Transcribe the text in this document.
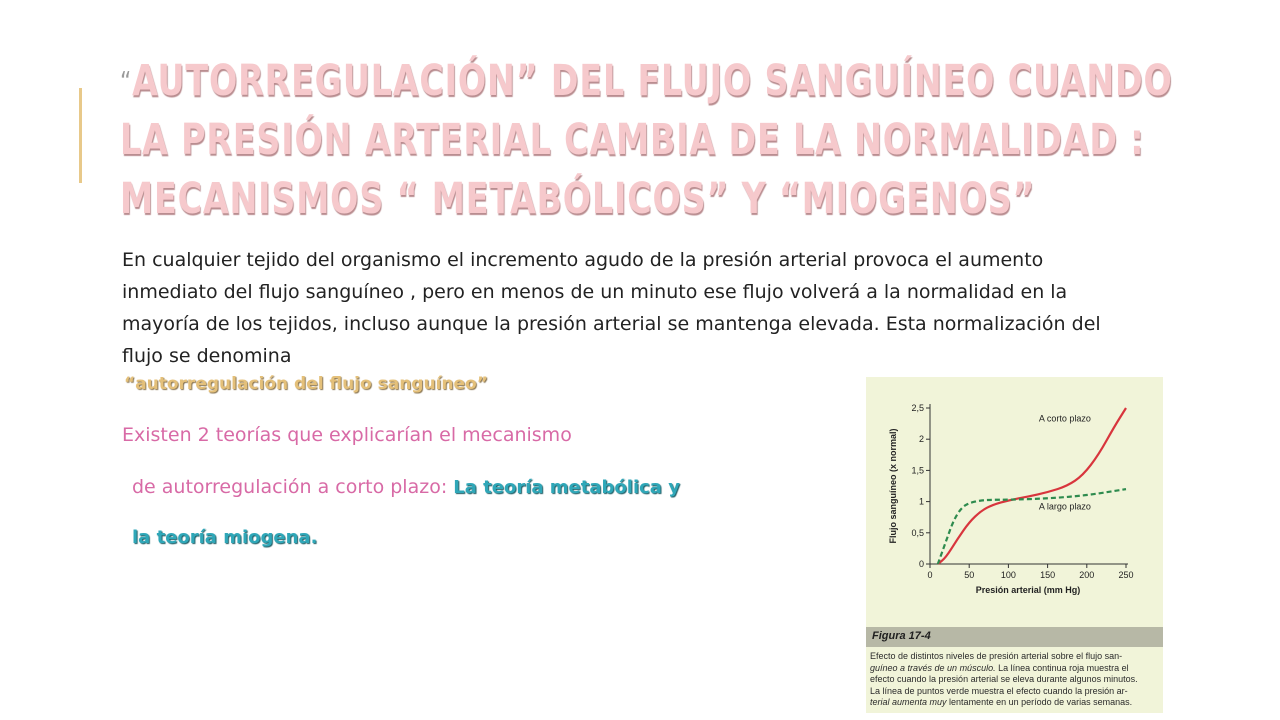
“AUTORREGULACIÓN” DEL FLUJO SANGUÍNEO CUANDO
LA PRESIÓN ARTERIAL CAMBIA DE LA NORMALIDAD :
MECANISMOS “ METABÓLICOS” Y “MIOGENOS”
En cualquier tejido del organismo el incremento agudo de la presión arterial provoca el aumento inmediato del flujo sanguíneo , pero en menos de un minuto ese flujo volverá a la normalidad en la mayoría de los tejidos, incluso aunque la presión arterial se mantenga elevada. Esta normalización del flujo se denomina
“autorregulación del flujo sanguíneo”
Existen 2 teorías que explicarían el mecanismo
de autorregulación a corto plazo: La teoría metabólica y
la teoría miogena.
0
0,5
1
1,5
2
2,5
0	50	100	150	200	250
Presión arterial (mm Hg)
Flujo sanguíneo (x normal)
A corto plazo
A largo plazo
Figura 17-4
Efecto de distintos niveles de presión arterial sobre el flujo san-
guíneo a través de un músculo. La línea continua roja muestra el
efecto cuando la presión arterial se eleva durante algunos minutos.
La línea de puntos verde muestra el efecto cuando la presión ar-
terial aumenta muy lentamente en un período de varias semanas.
